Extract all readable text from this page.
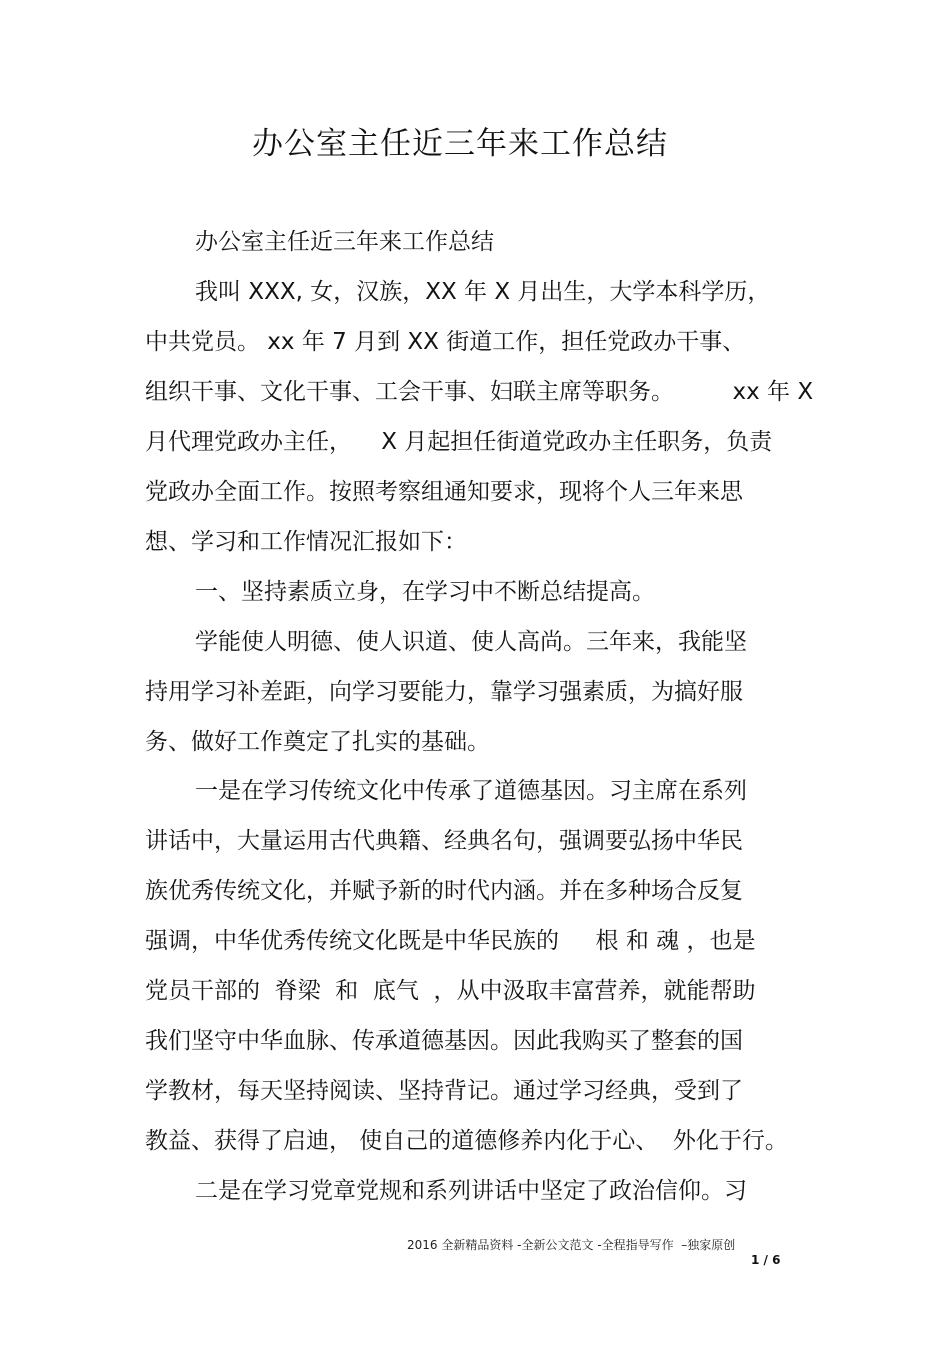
办公室主任近三年来工作总结
办公室主任近三年来工作总结
我叫 XXX, 女，汉族，XX 年 X 月出生，大学本科学历，
中共党员。 xx 年 7 月到 XX 街道工作，担任党政办干事、
组织干事、文化干事、工会干事、妇联主席等职务。        xx 年 X
月代理党政办主任，    X 月起担任街道党政办主任职务，负责
党政办全面工作。按照考察组通知要求，现将个人三年来思
想、学习和工作情况汇报如下：
一、坚持素质立身，在学习中不断总结提高。
学能使人明德、使人识道、使人高尚。三年来，我能坚
持用学习补差距，向学习要能力，靠学习强素质，为搞好服
务、做好工作奠定了扎实的基础。
一是在学习传统文化中传承了道德基因。习主席在系列
讲话中，大量运用古代典籍、经典名句，强调要弘扬中华民
族优秀传统文化，并赋予新的时代内涵。并在多种场合反复
强调，中华优秀传统文化既是中华民族的     根 和 魂 ，也是
党员干部的  脊梁  和  底气  ，从中汲取丰富营养，就能帮助
我们坚守中华血脉、传承道德基因。因此我购买了整套的国
学教材，每天坚持阅读、坚持背记。通过学习经典，受到了
教益、获得了启迪， 使自己的道德修养内化于心、  外化于行。
二是在学习党章党规和系列讲话中坚定了政治信仰。习
2016 全新精品资料 -全新公文范文 -全程指导写作  –独家原创
1 / 6
